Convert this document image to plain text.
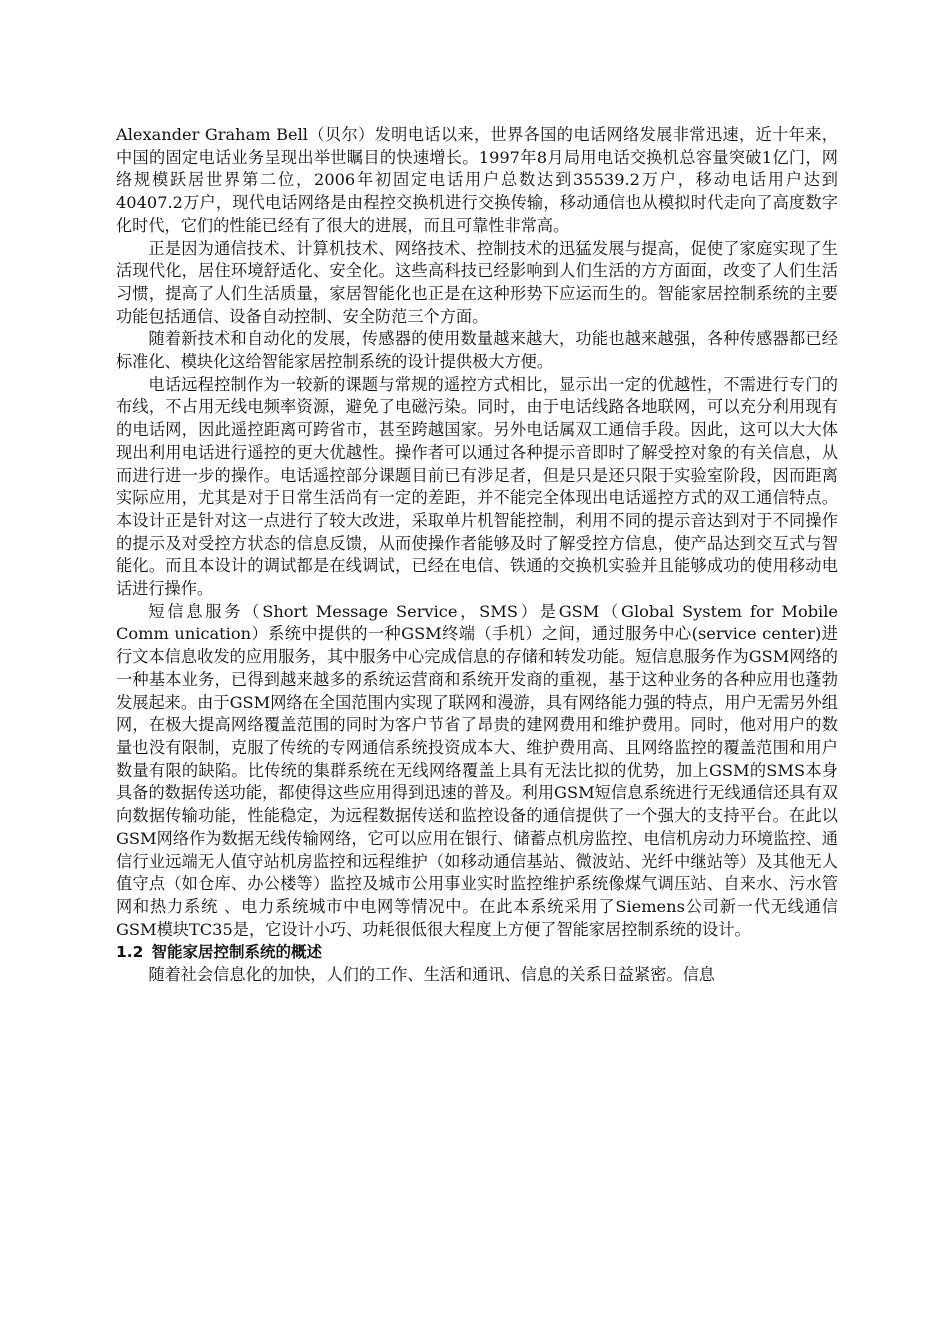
Alexander Graham Bell（贝尔）发明电话以来，世界各国的电话网络发展非常迅速，近十年来，中国的固定电话业务呈现出举世瞩目的快速增长。1997年8月局用电话交换机总容量突破1亿门，网络规模跃居世界第二位，2006年初固定电话用户总数达到35539.2万户，移动电话用户达到40407.2万户，现代电话网络是由程控交换机进行交换传输，移动通信也从模拟时代走向了高度数字化时代，它们的性能已经有了很大的进展，而且可靠性非常高。

正是因为通信技术、计算机技术、网络技术、控制技术的迅猛发展与提高，促使了家庭实现了生活现代化，居住环境舒适化、安全化。这些高科技已经影响到人们生活的方方面面，改变了人们生活习惯，提高了人们生活质量，家居智能化也正是在这种形势下应运而生的。智能家居控制系统的主要功能包括通信、设备自动控制、安全防范三个方面。

随着新技术和自动化的发展，传感器的使用数量越来越大，功能也越来越强，各种传感器都已经标准化、模块化这给智能家居控制系统的设计提供极大方便。

电话远程控制作为一较新的课题与常规的遥控方式相比，显示出一定的优越性，不需进行专门的布线，不占用无线电频率资源，避免了电磁污染。同时，由于电话线路各地联网，可以充分利用现有的电话网，因此遥控距离可跨省市，甚至跨越国家。另外电话属双工通信手段。因此，这可以大大体现出利用电话进行遥控的更大优越性。操作者可以通过各种提示音即时了解受控对象的有关信息，从而进行进一步的操作。电话遥控部分课题目前已有涉足者，但是只是还只限于实验室阶段，因而距离实际应用，尤其是对于日常生活尚有一定的差距，并不能完全体现出电话遥控方式的双工通信特点。本设计正是针对这一点进行了较大改进，采取单片机智能控制，利用不同的提示音达到对于不同操作的提示及对受控方状态的信息反馈，从而使操作者能够及时了解受控方信息，使产品达到交互式与智能化。而且本设计的调试都是在线调试，已经在电信、铁通的交换机实验并且能够成功的使用移动电话进行操作。

短信息服务（Short Message Service，SMS）是GSM（Global System for Mobile Comm unication）系统中提供的一种GSM终端（手机）之间，通过服务中心(service center)进行文本信息收发的应用服务，其中服务中心完成信息的存储和转发功能。短信息服务作为GSM网络的一种基本业务，已得到越来越多的系统运营商和系统开发商的重视，基于这种业务的各种应用也蓬勃发展起来。由于GSM网络在全国范围内实现了联网和漫游，具有网络能力强的特点，用户无需另外组网，在极大提高网络覆盖范围的同时为客户节省了昂贵的建网费用和维护费用。同时，他对用户的数量也没有限制，克服了传统的专网通信系统投资成本大、维护费用高、且网络监控的覆盖范围和用户数量有限的缺陷。比传统的集群系统在无线网络覆盖上具有无法比拟的优势，加上GSM的SMS本身具备的数据传送功能，都使得这些应用得到迅速的普及。利用GSM短信息系统进行无线通信还具有双向数据传输功能，性能稳定，为远程数据传送和监控设备的通信提供了一个强大的支持平台。在此以GSM网络作为数据无线传输网络，它可以应用在银行、储蓄点机房监控、电信机房动力环境监控、通信行业远端无人值守站机房监控和远程维护（如移动通信基站、微波站、光纤中继站等）及其他无人值守点（如仓库、办公楼等）监控及城市公用事业实时监控维护系统像煤气调压站、自来水、污水管网和热力系统 、电力系统城市中电网等情况中。在此本系统采用了Siemens公司新一代无线通信GSM模块TC35是，它设计小巧、功耗很低很大程度上方便了智能家居控制系统的设计。

1.2 智能家居控制系统的概述

随着社会信息化的加快，人们的工作、生活和通讯、信息的关系日益紧密。信息
